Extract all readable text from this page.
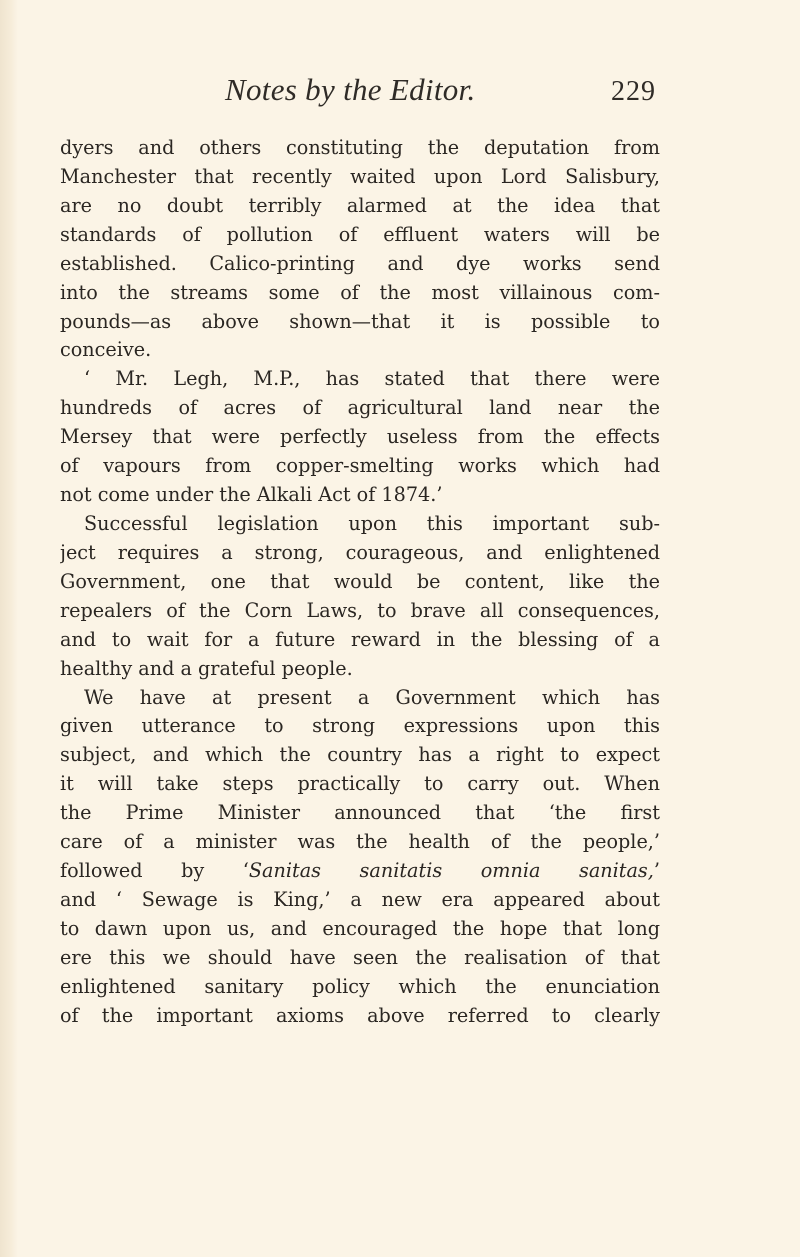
Notes by the Editor.	229
dyers and others constituting the deputation from
Manchester that recently waited upon Lord Salisbury,
are no doubt terribly alarmed at the idea that
standards of pollution of effluent waters will be
established. Calico-printing and dye works send
into the streams some of the most villainous com-
pounds—as above shown—that it is possible to
conceive.
‘ Mr. Legh, M.P., has stated that there were
hundreds of acres of agricultural land near the
Mersey that were perfectly useless from the effects
of vapours from copper-smelting works which had
not come under the Alkali Act of 1874.’
Successful legislation upon this important sub-
ject requires a strong, courageous, and enlightened
Government, one that would be content, like the
repealers of the Corn Laws, to brave all consequences,
and to wait for a future reward in the blessing of a
healthy and a grateful people.
We have at present a Government which has
given utterance to strong expressions upon this
subject, and which the country has a right to expect
it will take steps practically to carry out. When
the Prime Minister announced that ‘the first
care of a minister was the health of the people,’
followed by ‘Sanitas sanitatis omnia sanitas,’
and ‘ Sewage is King,’ a new era appeared about
to dawn upon us, and encouraged the hope that long
ere this we should have seen the realisation of that
enlightened sanitary policy which the enunciation
of the important axioms above referred to clearly
